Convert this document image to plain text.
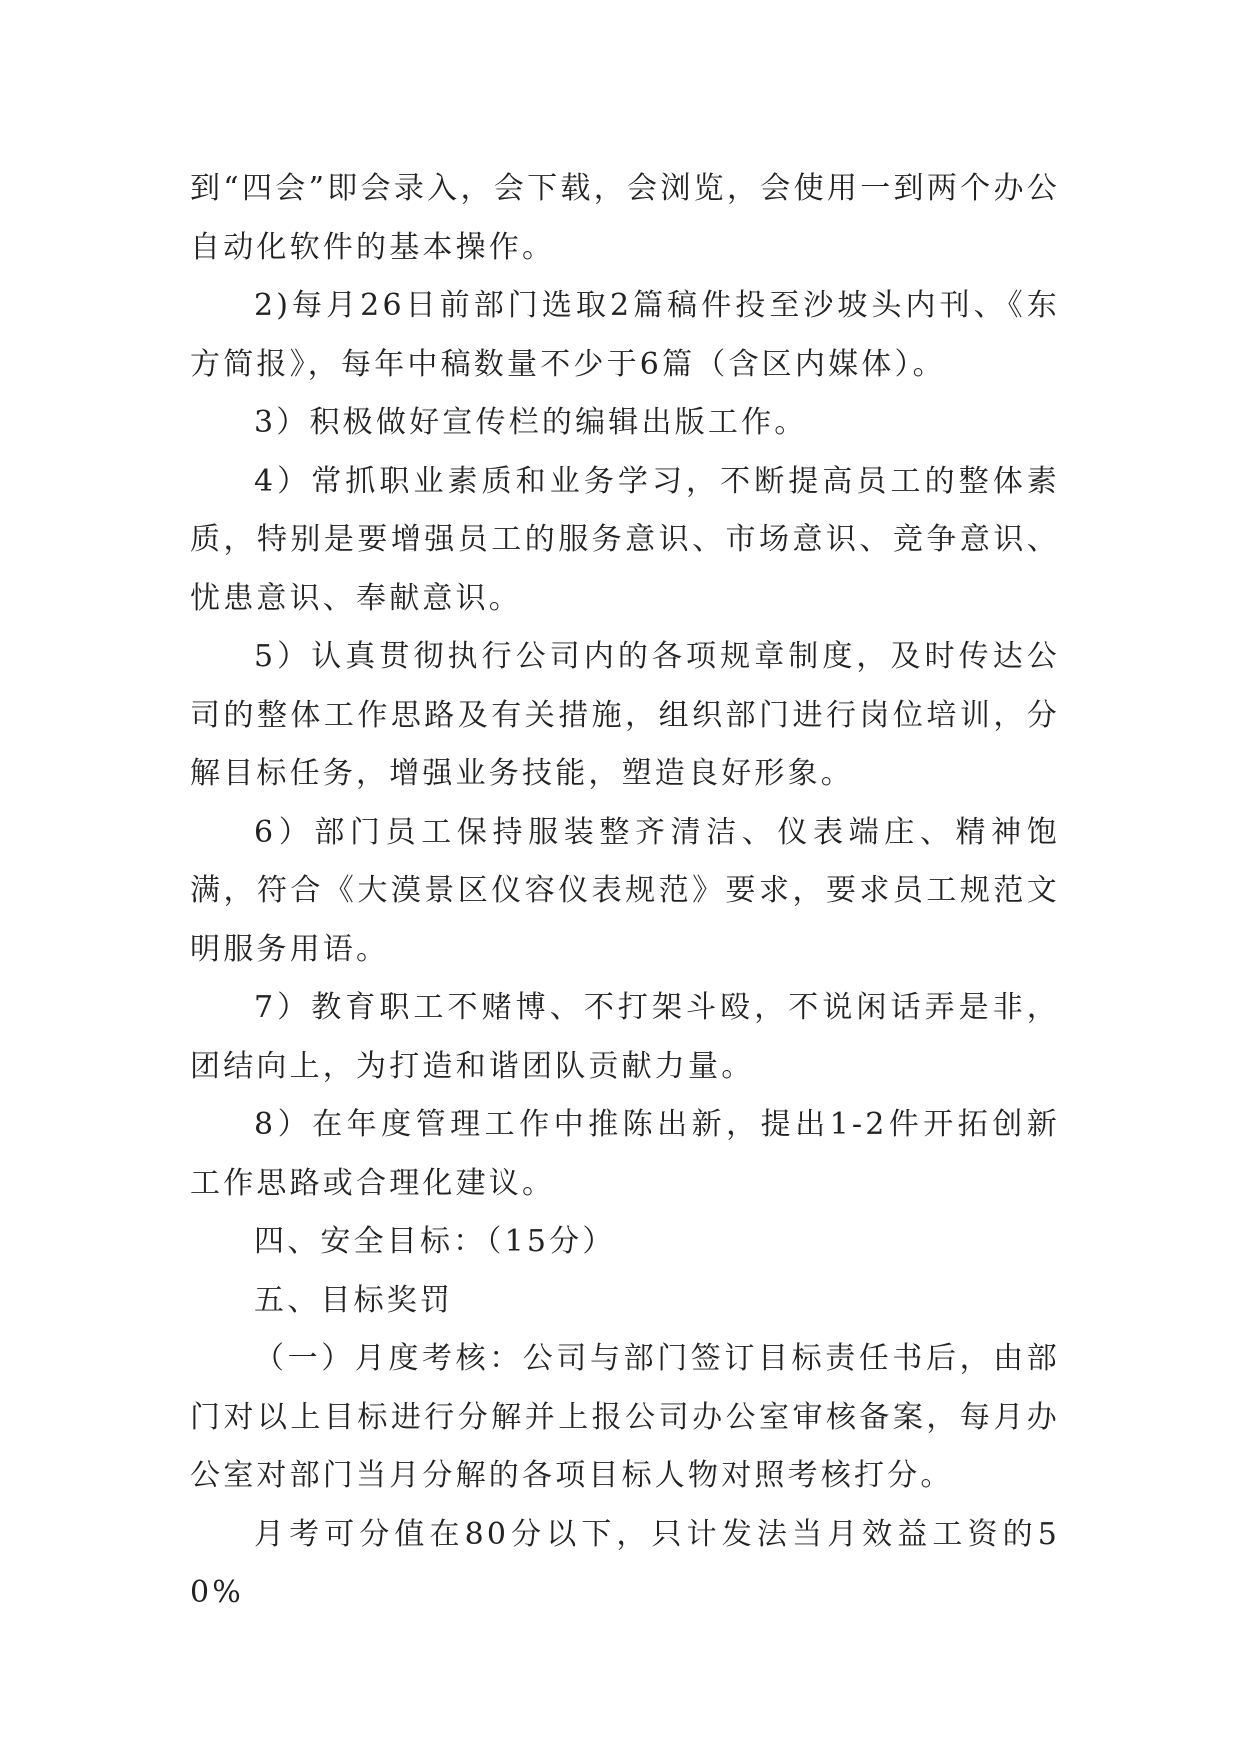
到“四会”即会录入，会下载，会浏览，会使用一到两个办公自动化软件的基本操作。

2)每月26日前部门选取2篇稿件投至沙坡头内刊、《东方简报》，每年中稿数量不少于6篇（含区内媒体）。

3）积极做好宣传栏的编辑出版工作。

4）常抓职业素质和业务学习，不断提高员工的整体素质，特别是要增强员工的服务意识、市场意识、竞争意识、忧患意识、奉献意识。

5）认真贯彻执行公司内的各项规章制度，及时传达公司的整体工作思路及有关措施，组织部门进行岗位培训，分解目标任务，增强业务技能，塑造良好形象。

6）部门员工保持服装整齐清洁、仪表端庄、精神饱满，符合《大漠景区仪容仪表规范》要求，要求员工规范文明服务用语。

7）教育职工不赌博、不打架斗殴，不说闲话弄是非，团结向上，为打造和谐团队贡献力量。

8）在年度管理工作中推陈出新，提出1-2件开拓创新工作思路或合理化建议。

四、安全目标：（15分）

五、目标奖罚

（一）月度考核：公司与部门签订目标责任书后，由部门对以上目标进行分解并上报公司办公室审核备案，每月办公室对部门当月分解的各项目标人物对照考核打分。

月考可分值在80分以下，只计发法当月效益工资的50%
